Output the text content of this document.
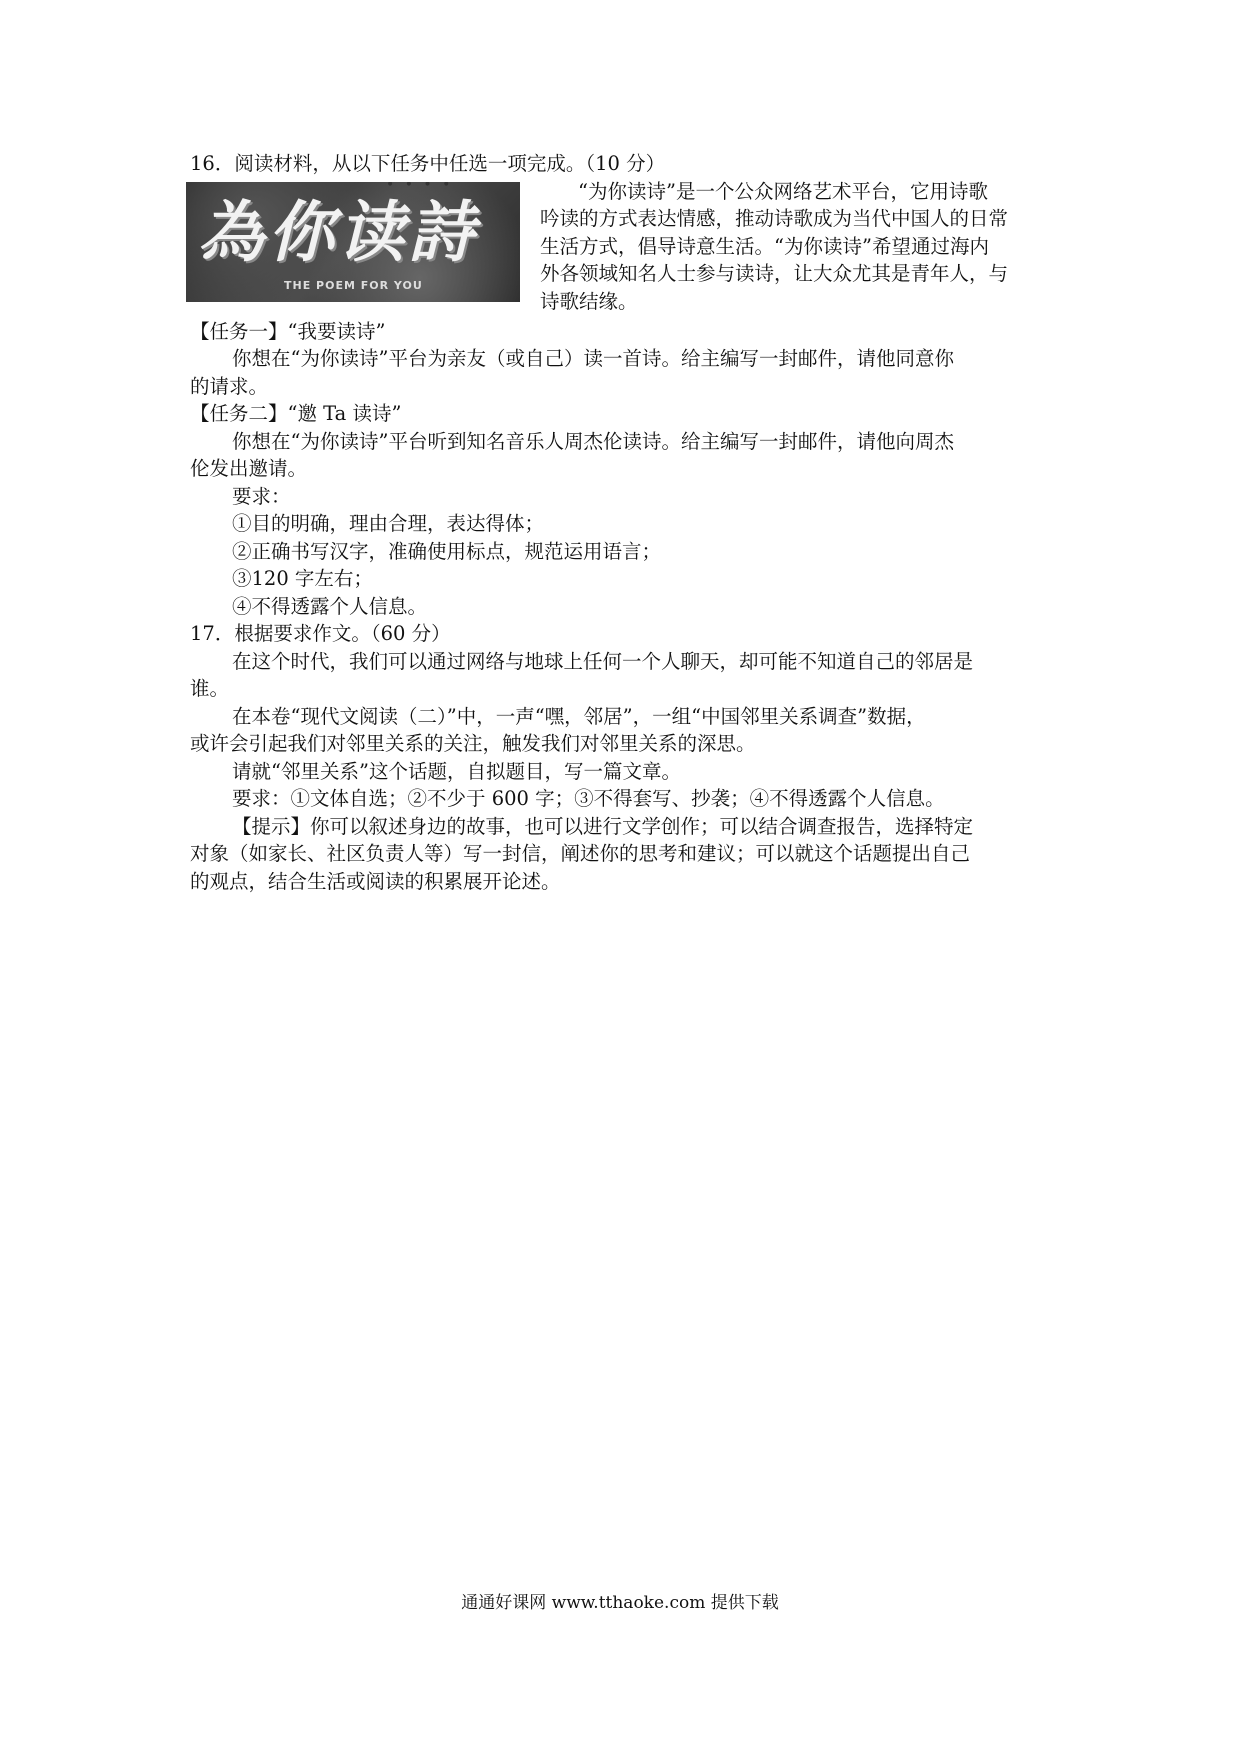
16．阅读材料，从以下任务中任选一项完成。（10 分）

• • • •
為你读詩
THE POEM FOR YOU

“为你读诗”是一个公众网络艺术平台，它用诗歌

吟读的方式表达情感，推动诗歌成为当代中国人的日常

生活方式，倡导诗意生活。“为你读诗”希望通过海内

外各领域知名人士参与读诗，让大众尤其是青年人，与

诗歌结缘。

【任务一】“我要读诗”

你想在“为你读诗”平台为亲友（或自己）读一首诗。给主编写一封邮件，请他同意你

的请求。

【任务二】“邀 Ta 读诗”

你想在“为你读诗”平台听到知名音乐人周杰伦读诗。给主编写一封邮件，请他向周杰

伦发出邀请。

要求：

①目的明确，理由合理，表达得体；

②正确书写汉字，准确使用标点，规范运用语言；

③120 字左右；

④不得透露个人信息。

17．根据要求作文。（60 分）

在这个时代，我们可以通过网络与地球上任何一个人聊天，却可能不知道自己的邻居是

谁。

在本卷“现代文阅读（二）”中，一声“嘿，邻居”，一组“中国邻里关系调查”数据，

或许会引起我们对邻里关系的关注，触发我们对邻里关系的深思。

请就“邻里关系”这个话题，自拟题目，写一篇文章。

要求：①文体自选；②不少于 600 字；③不得套写、抄袭；④不得透露个人信息。

【提示】你可以叙述身边的故事，也可以进行文学创作；可以结合调查报告，选择特定

对象（如家长、社区负责人等）写一封信，阐述你的思考和建议；可以就这个话题提出自己

的观点，结合生活或阅读的积累展开论述。

通通好课网 www.tthaoke.com 提供下载
